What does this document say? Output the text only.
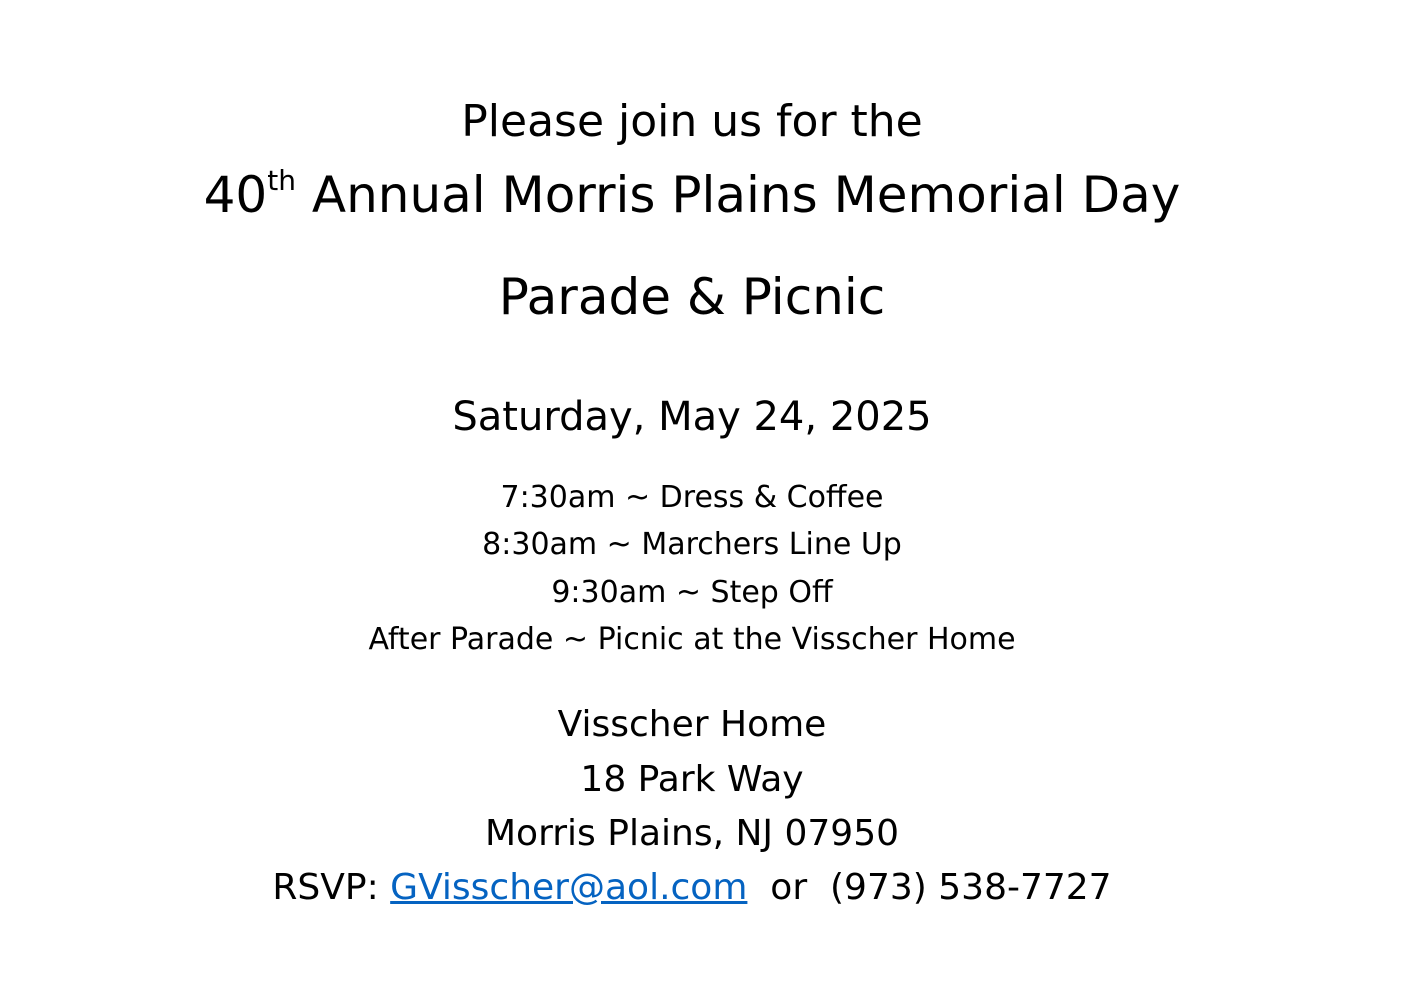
Please join us for the
40th Annual Morris Plains Memorial Day
Parade & Picnic
Saturday, May 24, 2025
7:30am ~ Dress & Coffee
8:30am ~ Marchers Line Up
9:30am ~ Step Off
After Parade ~ Picnic at the Visscher Home
Visscher Home
18 Park Way
Morris Plains, NJ 07950
RSVP: GVisscher@aol.com  or  (973) 538-7727
